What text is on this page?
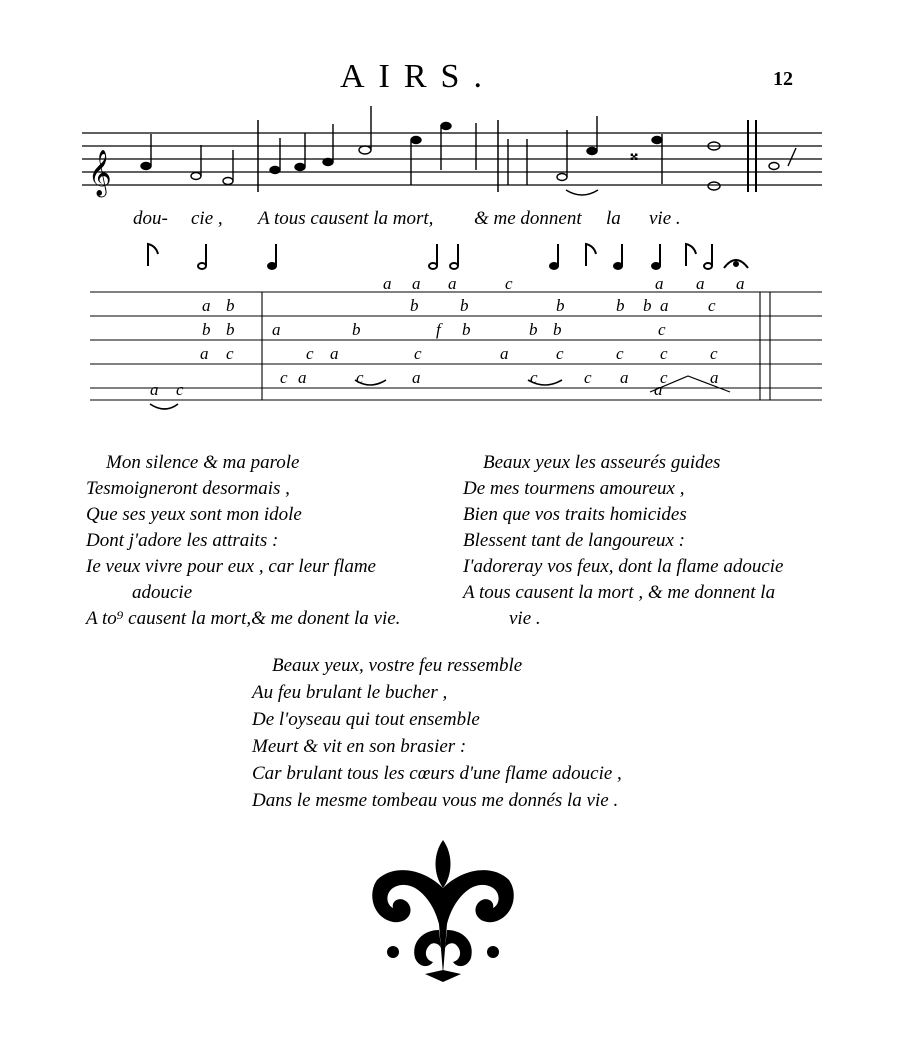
AIRS.	12
𝄞	𝄪
dou- cie , A tous causent la mort, & me donnent la vie .
a a a	c	a a a
a b	b b	b	b b a c
b b a	b	f b	b b	c
a c	c a	c	a	c	c c c
c a	c	a	c	c a c a
a c	a
Mon silence & ma parole
Tesmoigneront desormais ,
Que ses yeux sont mon idole
Dont j'adore les attraits :
Ie veux vivre pour eux , car leur flame
adoucie
A to⁹ causent la mort,& me donent la vie.
Beaux yeux les asseurés guides
De mes tourmens amoureux ,
Bien que vos traits homicides
Blessent tant de langoureux :
I'adoreray vos feux, dont la flame adoucie
A tous causent la mort , & me donnent la
vie .
Beaux yeux, vostre feu ressemble
Au feu brulant le bucher ,
De l'oyseau qui tout ensemble
Meurt & vit en son brasier :
Car brulant tous les cœurs d'une flame adoucie ,
Dans le mesme tombeau vous me donnés la vie .
